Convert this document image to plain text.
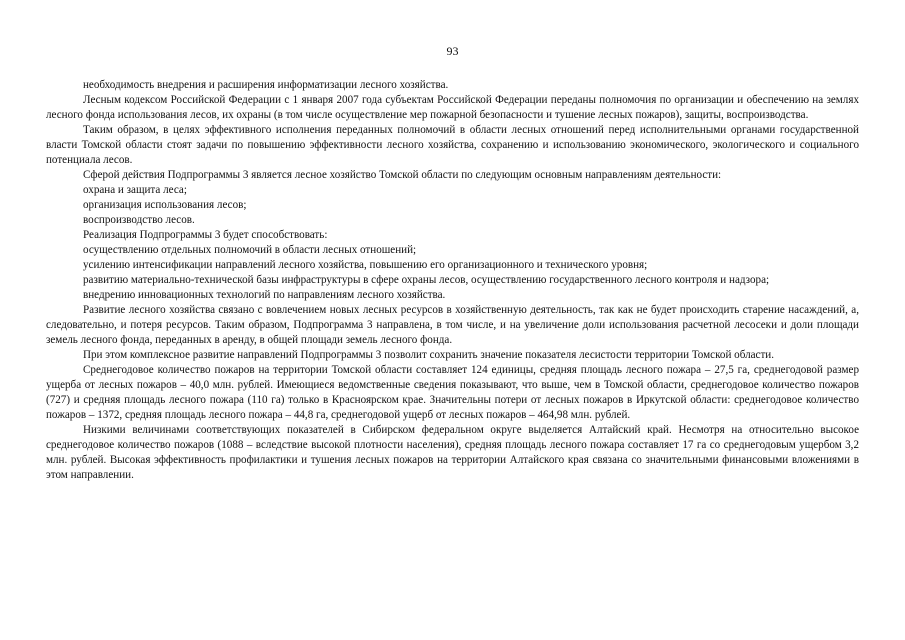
93

необходимость внедрения и расширения информатизации лесного хозяйства.

Лесным кодексом Российской Федерации с 1 января 2007 года субъектам Российской Федерации переданы полномочия по организации и обеспечению на землях лесного фонда использования лесов, их охраны (в том числе осуществление мер пожарной безопасности и тушение лесных пожаров), защиты, воспроизводства.

Таким образом, в целях эффективного исполнения переданных полномочий в области лесных отношений перед исполнительными органами государственной власти Томской области стоят задачи по повышению эффективности лесного хозяйства, сохранению и использованию экономического, экологического и социального потенциала лесов.

Сферой действия Подпрограммы 3 является лесное хозяйство Томской области по следующим основным направлениям деятельности:

охрана и защита леса;

организация использования лесов;

воспроизводство лесов.

Реализация Подпрограммы 3 будет способствовать:

осуществлению отдельных полномочий в области лесных отношений;

усилению интенсификации направлений лесного хозяйства, повышению его организационного и технического уровня;

развитию материально-технической базы инфраструктуры в сфере охраны лесов, осуществлению государственного лесного контроля и надзора;

внедрению инновационных технологий по направлениям лесного хозяйства.

Развитие лесного хозяйства связано с вовлечением новых лесных ресурсов в хозяйственную деятельность, так как не будет происходить старение насаждений, а, следовательно, и потеря ресурсов. Таким образом, Подпрограмма 3 направлена, в том числе, и на увеличение доли использования расчетной лесосеки и доли площади земель лесного фонда, переданных в аренду, в общей площади земель лесного фонда.

При этом комплексное развитие направлений Подпрограммы 3 позволит сохранить значение показателя лесистости территории Томской области.

Среднегодовое количество пожаров на территории Томской области составляет 124 единицы, средняя площадь лесного пожара – 27,5 га, среднегодовой размер ущерба от лесных пожаров – 40,0 млн. рублей. Имеющиеся ведомственные сведения показывают, что выше, чем в Томской области, среднегодовое количество пожаров (727) и средняя площадь лесного пожара (110 га) только в Красноярском крае. Значительны потери от лесных пожаров в Иркутской области: среднегодовое количество пожаров – 1372, средняя площадь лесного пожара – 44,8 га, среднегодовой ущерб от лесных пожаров – 464,98 млн. рублей.

Низкими величинами соответствующих показателей в Сибирском федеральном округе выделяется Алтайский край. Несмотря на относительно высокое среднегодовое количество пожаров (1088 – вследствие высокой плотности населения), средняя площадь лесного пожара составляет 17 га со среднегодовым ущербом 3,2 млн. рублей. Высокая эффективность профилактики и тушения лесных пожаров на территории Алтайского края связана со значительными финансовыми вложениями в этом направлении.
